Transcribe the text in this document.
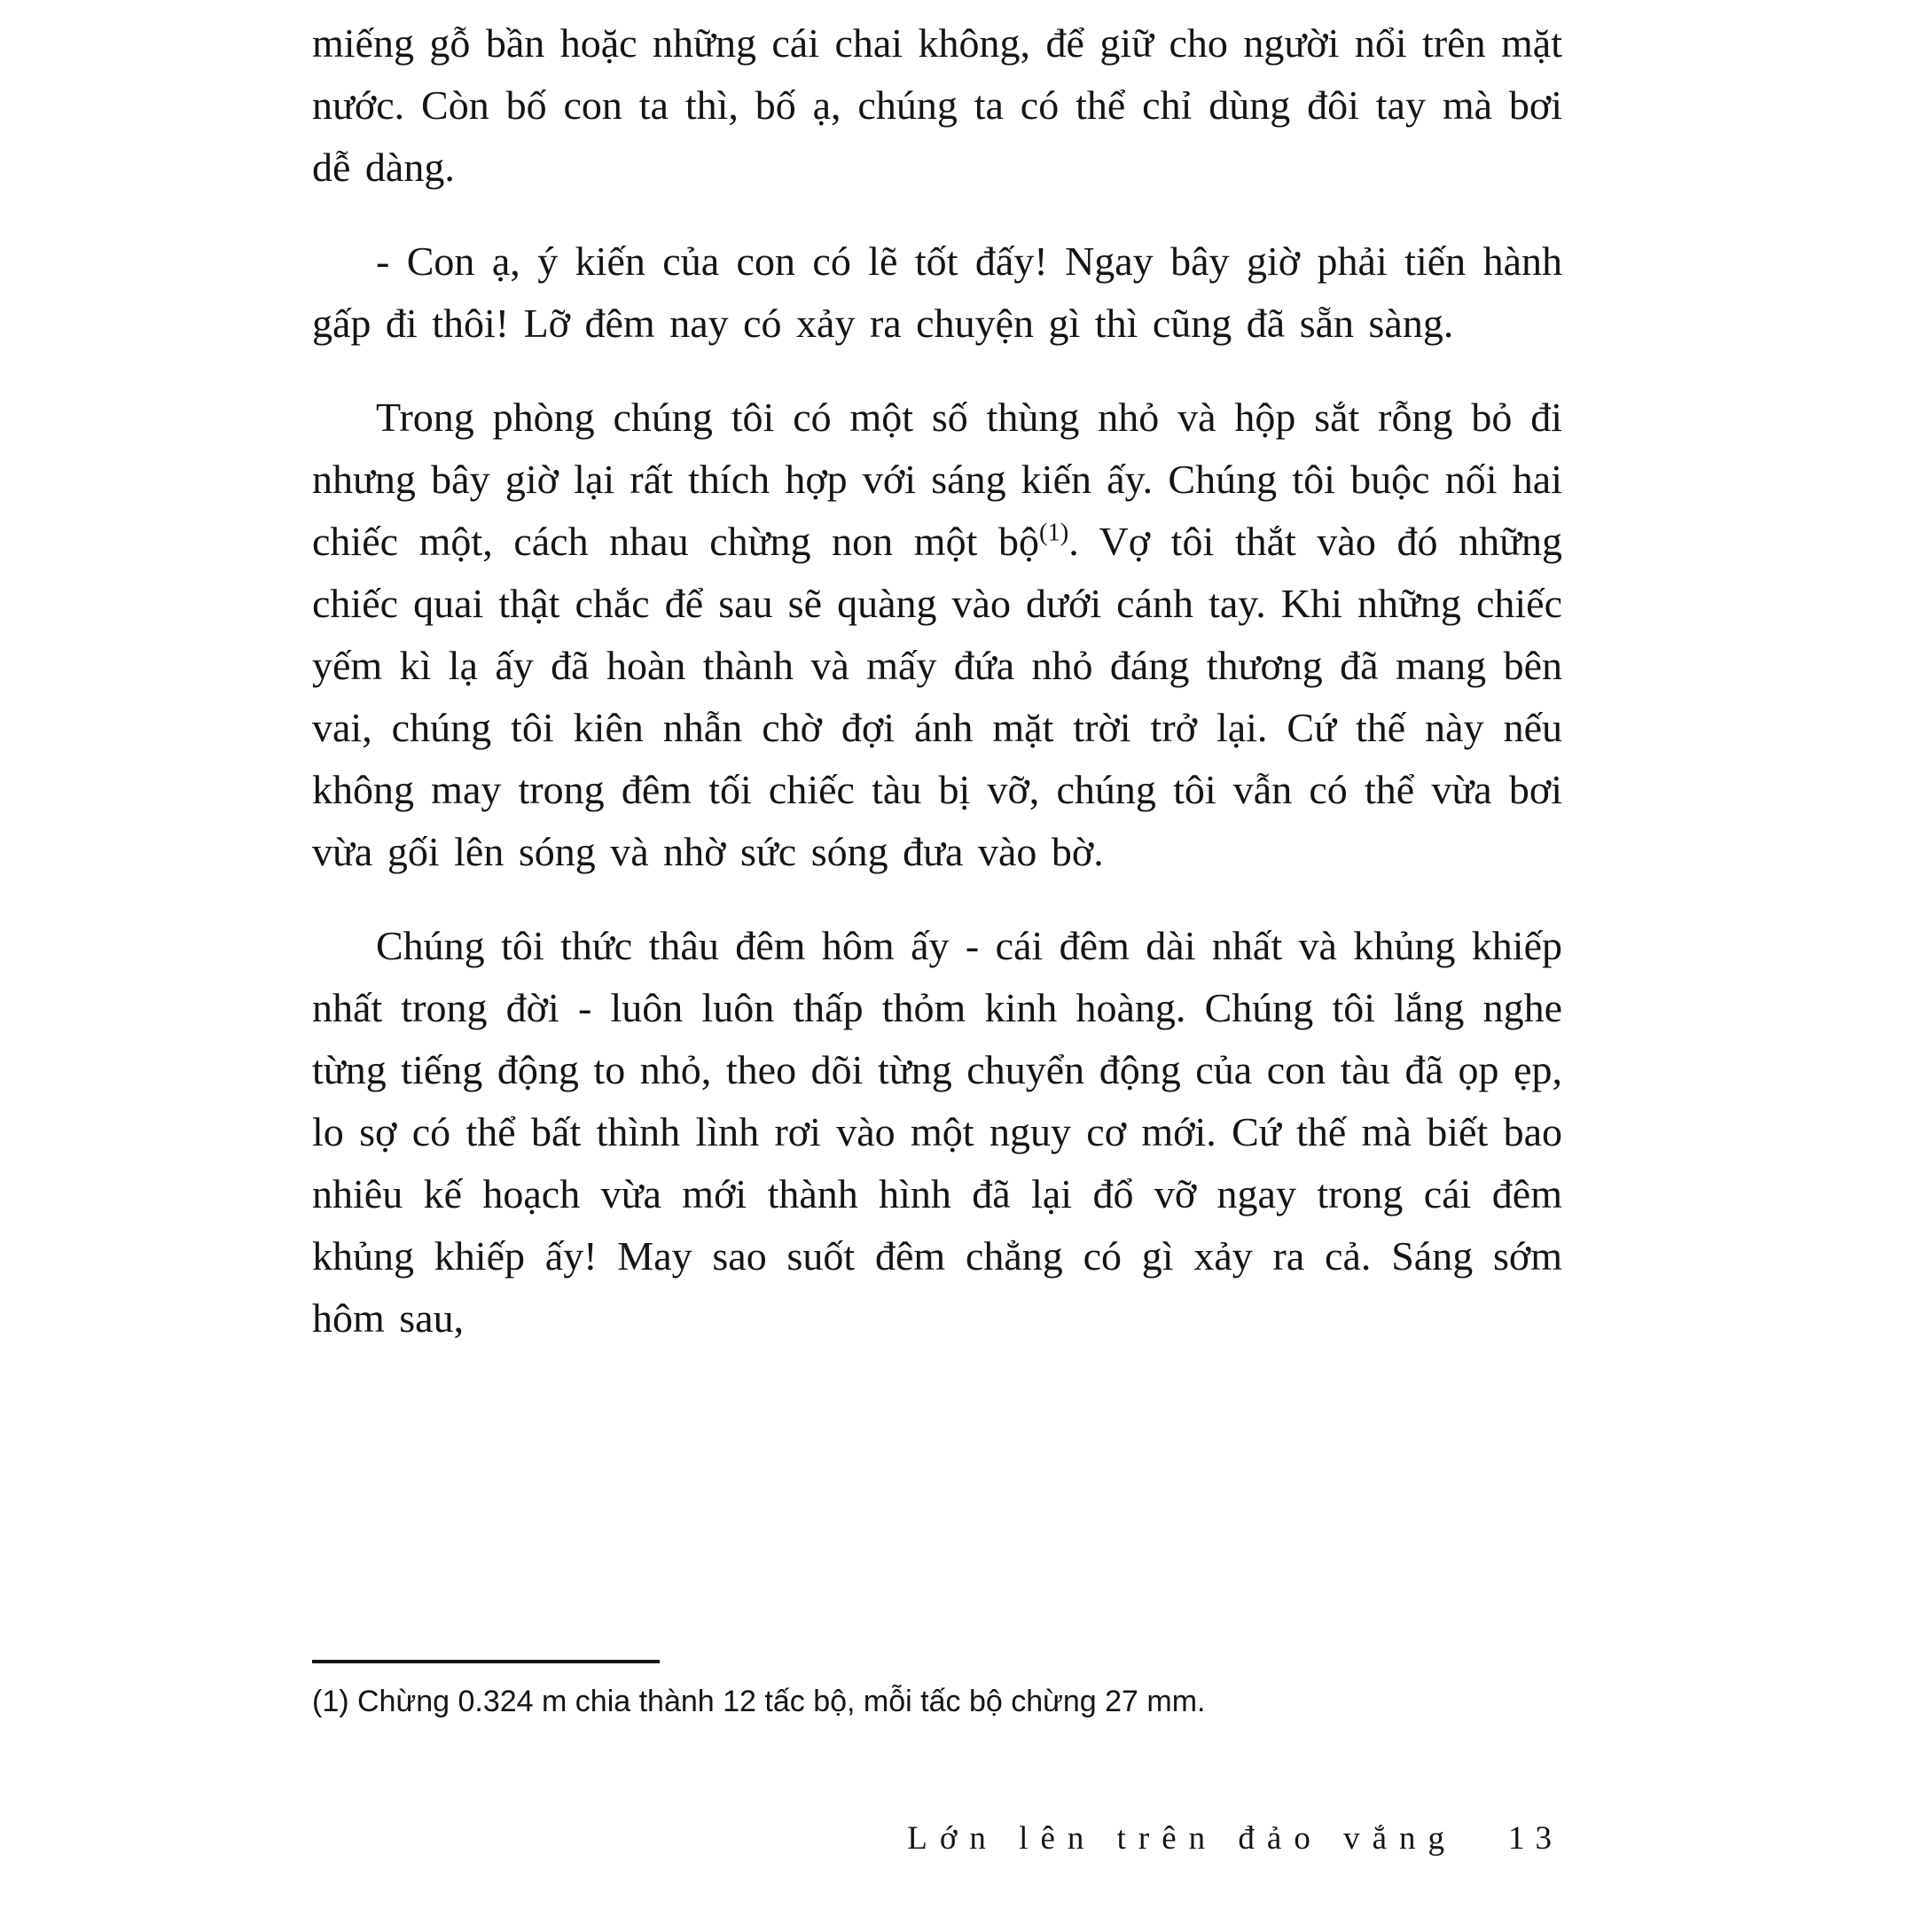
miếng gỗ bần hoặc những cái chai không, để giữ cho người nổi trên mặt nước. Còn bố con ta thì, bố ạ, chúng ta có thể chỉ dùng đôi tay mà bơi dễ dàng.

- Con ạ, ý kiến của con có lẽ tốt đấy! Ngay bây giờ phải tiến hành gấp đi thôi! Lỡ đêm nay có xảy ra chuyện gì thì cũng đã sẵn sàng.

Trong phòng chúng tôi có một số thùng nhỏ và hộp sắt rỗng bỏ đi nhưng bây giờ lại rất thích hợp với sáng kiến ấy. Chúng tôi buộc nối hai chiếc một, cách nhau chừng non một bộ$^{(1)}$. Vợ tôi thắt vào đó những chiếc quai thật chắc để sau sẽ quàng vào dưới cánh tay. Khi những chiếc yếm kì lạ ấy đã hoàn thành và mấy đứa nhỏ đáng thương đã mang bên vai, chúng tôi kiên nhẫn chờ đợi ánh mặt trời trở lại. Cứ thế này nếu không may trong đêm tối chiếc tàu bị vỡ, chúng tôi vẫn có thể vừa bơi vừa gối lên sóng và nhờ sức sóng đưa vào bờ.

Chúng tôi thức thâu đêm hôm ấy - cái đêm dài nhất và khủng khiếp nhất trong đời - luôn luôn thấp thỏm kinh hoàng. Chúng tôi lắng nghe từng tiếng động to nhỏ, theo dõi từng chuyển động của con tàu đã ọp ẹp, lo sợ có thể bất thình lình rơi vào một nguy cơ mới. Cứ thế mà biết bao nhiêu kế hoạch vừa mới thành hình đã lại đổ vỡ ngay trong cái đêm khủng khiếp ấy! May sao suốt đêm chẳng có gì xảy ra cả. Sáng sớm hôm sau,

(1) Chừng 0.324 m chia thành 12 tấc bộ, mỗi tấc bộ chừng 27 mm.
Lớn lên trên đảo vắng 13
